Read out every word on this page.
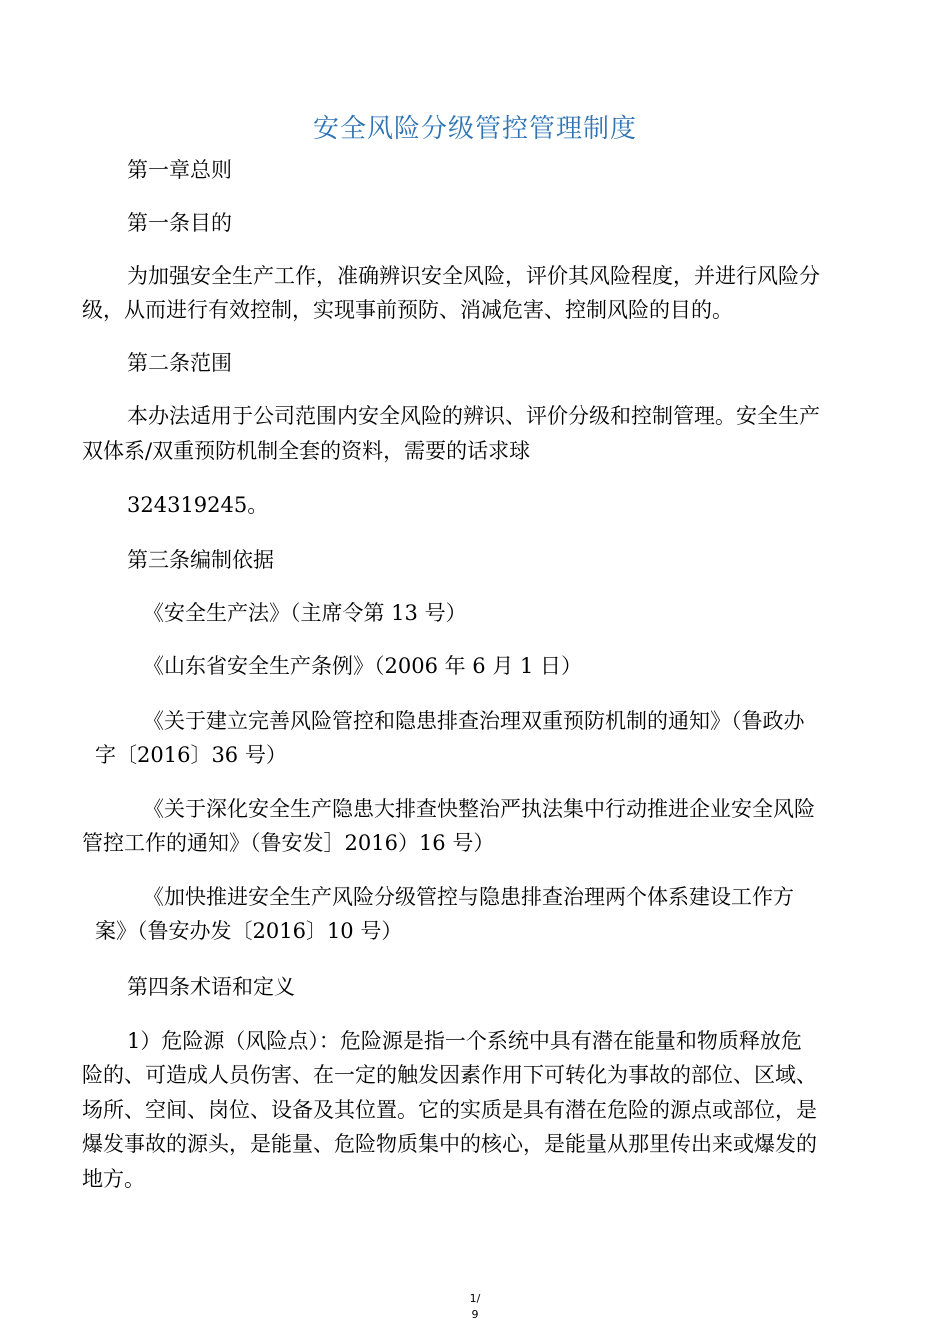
安全风险分级管控管理制度
第一章总则
第一条目的
为加强安全生产工作，准确辨识安全风险，评价其风险程度，并进行风险分
级，从而进行有效控制，实现事前预防、消减危害、控制风险的目的。
第二条范围
本办法适用于公司范围内安全风险的辨识、评价分级和控制管理。安全生产
双体系/双重预防机制全套的资料，需要的话求球
324319245。
第三条编制依据
《安全生产法》（主席令第 13 号）
《山东省安全生产条例》（2006 年 6 月 1 日）
《关于建立完善风险管控和隐患排查治理双重预防机制的通知》（鲁政办
字〔2016〕36 号）
《关于深化安全生产隐患大排查快整治严执法集中行动推进企业安全风险
管控工作的通知》（鲁安发］2016）16 号）
《加快推进安全生产风险分级管控与隐患排查治理两个体系建设工作方
案》（鲁安办发〔2016〕10 号）
第四条术语和定义
1）危险源（风险点）：危险源是指一个系统中具有潜在能量和物质释放危
险的、可造成人员伤害、在一定的触发因素作用下可转化为事故的部位、区域、
场所、空间、岗位、设备及其位置。它的实质是具有潜在危险的源点或部位，是
爆发事故的源头，是能量、危险物质集中的核心，是能量从那里传出来或爆发的
地方。
1/
9
